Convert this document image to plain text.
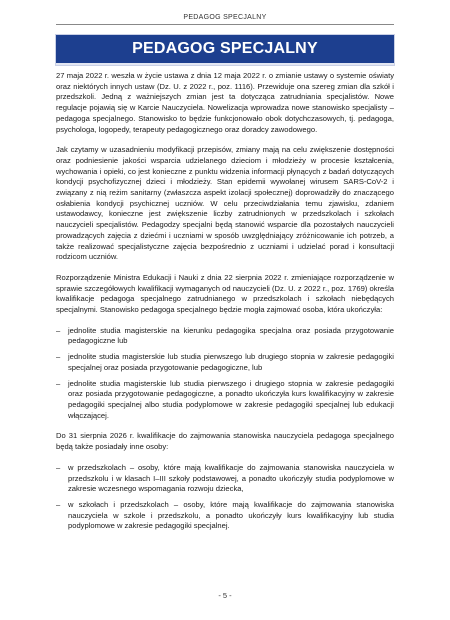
PEDAGOG SPECJALNY
PEDAGOG SPECJALNY

27 maja 2022 r. weszła w życie ustawa z dnia 12 maja 2022 r. o zmianie ustawy o systemie oświaty oraz niektórych innych ustaw (Dz. U. z 2022 r., poz. 1116). Przewiduje ona szereg zmian dla szkół i przedszkoli. Jedną z ważniejszych zmian jest ta dotycząca zatrudniania specjalistów. Nowe regulacje pojawią się w Karcie Nauczyciela. Nowelizacja wprowadza nowe stanowisko specjalisty – pedagoga specjalnego. Stanowisko to będzie funkcjonowało obok dotychczasowych, tj. pedagoga, psychologa, logopedy, terapeuty pedagogicznego oraz doradcy zawodowego.

Jak czytamy w uzasadnieniu modyfikacji przepisów, zmiany mają na celu zwiększenie dostępności oraz podniesienie jakości wsparcia udzielanego dzieciom i młodzieży w procesie kształcenia, wychowania i opieki, co jest konieczne z punktu widzenia informacji płynących z badań dotyczących kondycji psychofizycznej dzieci i młodzieży. Stan epidemii wywołanej wirusem SARS-CoV-2 i związany z nią reżim sanitarny (zwłaszcza aspekt izolacji społecznej) doprowadziły do znaczącego osłabienia kondycji psychicznej uczniów. W celu przeciwdziałania temu zjawisku, zdaniem ustawodawcy, konieczne jest zwiększenie liczby zatrudnionych w przedszkolach i szkołach nauczycieli specjalistów. Pedagodzy specjalni będą stanowić wsparcie dla pozostałych nauczycieli prowadzących zajęcia z dziećmi i uczniami w sposób uwzględniający zróżnicowanie ich potrzeb, a także realizować specjalistyczne zajęcia bezpośrednio z uczniami i udzielać porad i konsultacji rodzicom uczniów.

Rozporządzenie Ministra Edukacji i Nauki z dnia 22 sierpnia 2022 r. zmieniające rozporządzenie w sprawie szczegółowych kwalifikacji wymaganych od nauczycieli (Dz. U. z 2022 r., poz. 1769) określa kwalifikacje pedagoga specjalnego zatrudnianego w przedszkolach i szkołach niebędących specjalnymi. Stanowisko pedagoga specjalnego będzie mogła zajmować osoba, która ukończyła:

– jednolite studia magisterskie na kierunku pedagogika specjalna oraz posiada przygotowanie pedagogiczne lub
– jednolite studia magisterskie lub studia pierwszego lub drugiego stopnia w zakresie pedagogiki specjalnej oraz posiada przygotowanie pedagogiczne, lub
– jednolite studia magisterskie lub studia pierwszego i drugiego stopnia w zakresie pedagogiki oraz posiada przygotowanie pedagogiczne, a ponadto ukończyła kurs kwalifikacyjny w zakresie pedagogiki specjalnej albo studia podyplomowe w zakresie pedagogiki specjalnej lub edukacji włączającej.

Do 31 sierpnia 2026 r. kwalifikacje do zajmowania stanowiska nauczyciela pedagoga specjalnego będą także posiadały inne osoby:

– w przedszkolach – osoby, które mają kwalifikacje do zajmowania stanowiska nauczyciela w przedszkolu i w klasach I–III szkoły podstawowej, a ponadto ukończyły studia podyplomowe w zakresie wczesnego wspomagania rozwoju dziecka,
– w szkołach i przedszkolach – osoby, które mają kwalifikacje do zajmowania stanowiska nauczyciela w szkole i przedszkolu, a ponadto ukończyły kurs kwalifikacyjny lub studia podyplomowe w zakresie pedagogiki specjalnej.
- 5 -
